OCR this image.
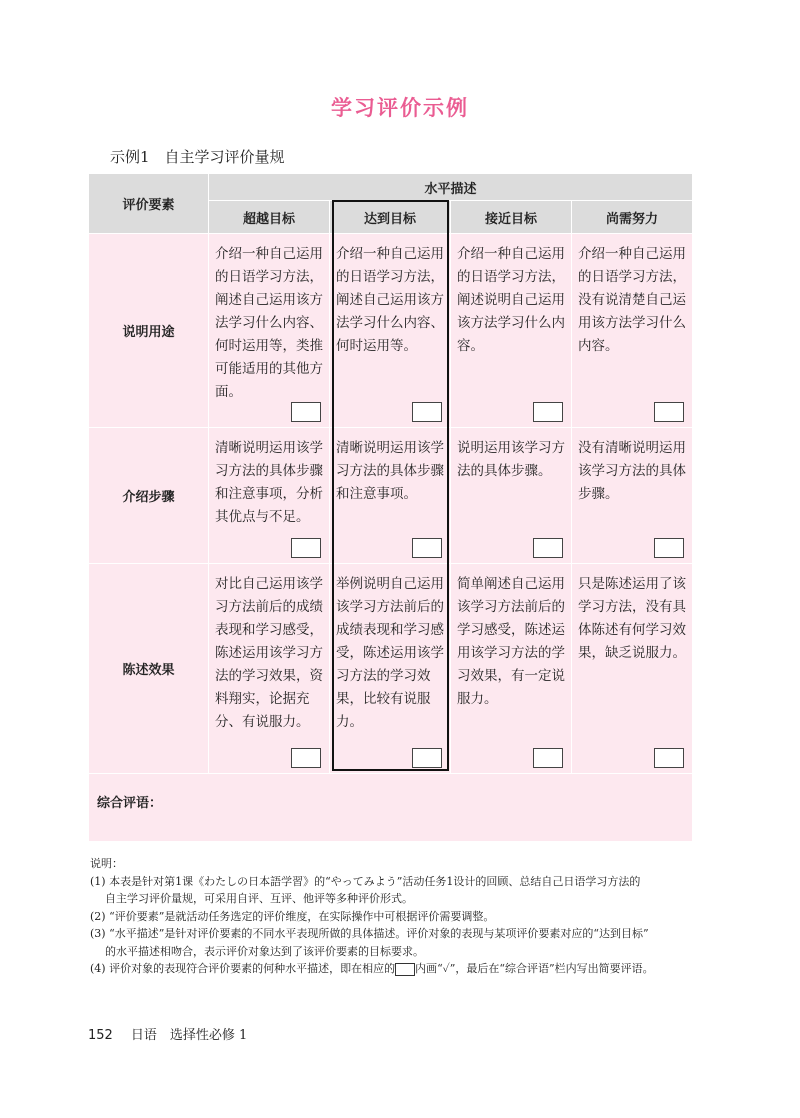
学习评价示例
示例1　自主学习评价量规
评价要素	水平描述			
	超越目标	达到目标	接近目标	尚需努力
说明用途	介绍一种自己运用的日语学习方法，阐述自己运用该方法学习什么内容、何时运用等，类推可能适用的其他方面。	介绍一种自己运用的日语学习方法，阐述自己运用该方法学习什么内容、何时运用等。	介绍一种自己运用的日语学习方法，阐述说明自己运用该方法学习什么内容。	介绍一种自己运用的日语学习方法，没有说清楚自己运用该方法学习什么内容。

介绍步骤	清晰说明运用该学习方法的具体步骤和注意事项，分析其优点与不足。	清晰说明运用该学习方法的具体步骤和注意事项。	说明运用该学习方法的具体步骤。	没有清晰说明运用该学习方法的具体步骤。

陈述效果	对比自己运用该学习方法前后的成绩表现和学习感受，陈述运用该学习方法的学习效果，资料翔实，论据充分、有说服力。	举例说明自己运用该学习方法前后的成绩表现和学习感受，陈述运用该学习方法的学习效果，比较有说服力。	简单阐述自己运用该学习方法前后的学习感受，陈述运用该学习方法的学习效果，有一定说服力。	只是陈述运用了该学习方法，没有具体陈述有何学习效果，缺乏说服力。

综合评语：				

说明：

(1) 本表是针对第1课《わたしの日本語学習》的“やってみよう”活动任务1设计的回顾、总结自己日语学习方法的

自主学习评价量规，可采用自评、互评、他评等多种评价形式。

(2) “评价要素”是就活动任务选定的评价维度，在实际操作中可根据评价需要调整。

(3) “水平描述”是针对评价要素的不同水平表现所做的具体描述。评价对象的表现与某项评价要素对应的“达到目标”

的水平描述相吻合，表示评价对象达到了该评价要素的目标要求。

(4) 评价对象的表现符合评价要素的何种水平描述，即在相应的 内画“✓”，最后在“综合评语”栏内写出简要评语。

152 日语　选择性必修 1
